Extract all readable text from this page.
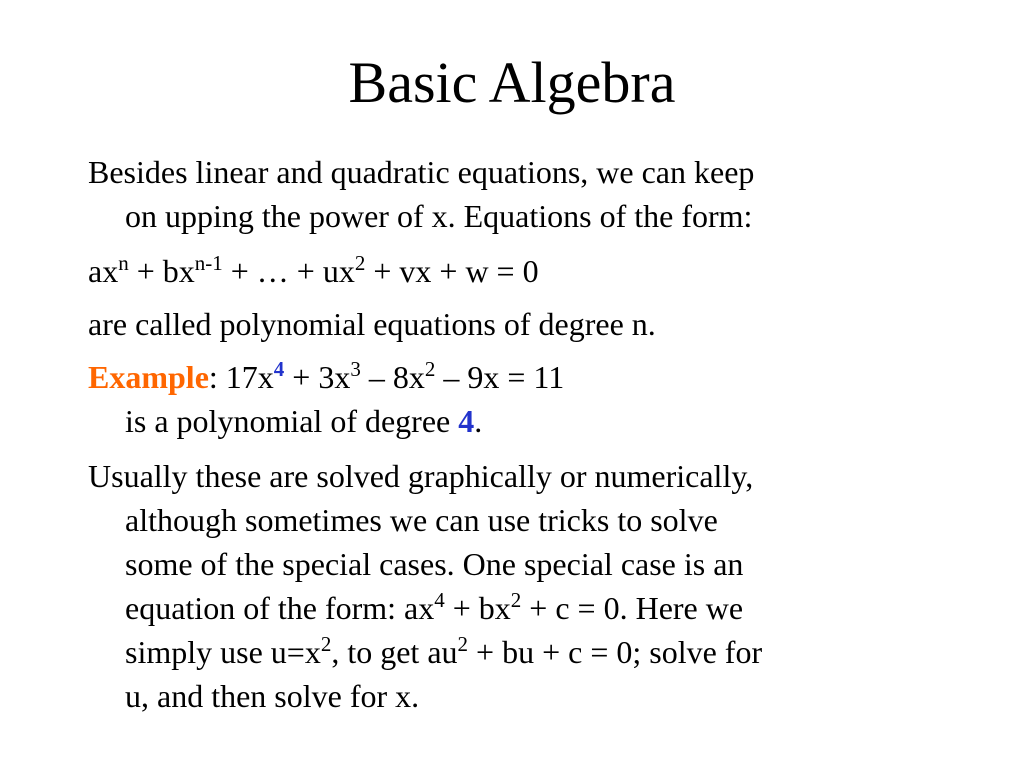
Basic Algebra
Besides linear and quadratic equations, we can keep
on upping the power of x. Equations of the form:
$ax^n + bx^{n-1}$ + … + $ux^2$ + vx + w = 0
are called polynomial equations of degree n.
Example: $17x^4 + 3x^3 - 8x^2 - 9x = 11$
is a polynomial of degree 4.
Usually these are solved graphically or numerically,
although sometimes we can use tricks to solve
some of the special cases. One special case is an
equation of the form: $ax^4 + bx^2 + c = 0$. Here we
simply use $u=x^2$, to get $au^2$ + bu + c = 0; solve for
u, and then solve for x.
